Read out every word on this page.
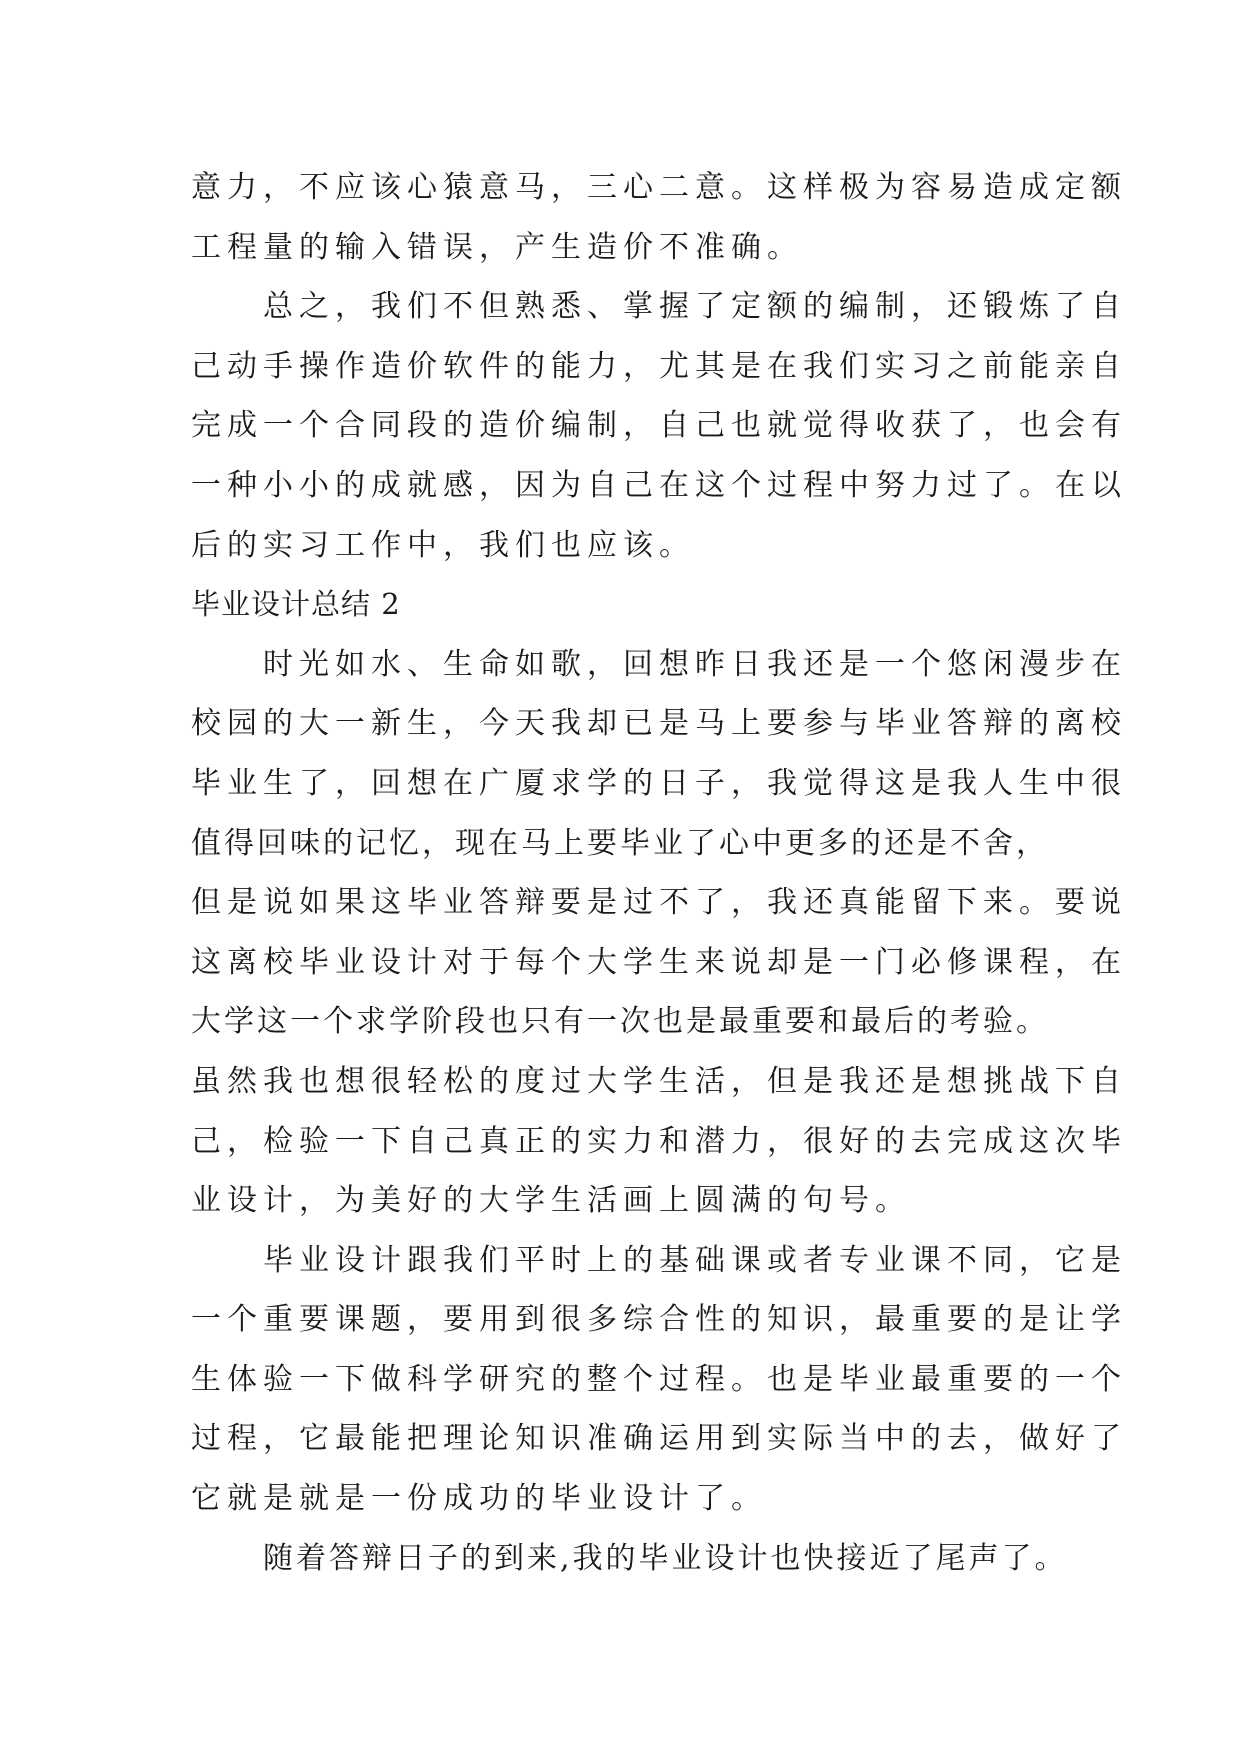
意力，不应该心猿意马，三心二意。这样极为容易造成定额
工程量的输入错误，产生造价不准确。
总之，我们不但熟悉、掌握了定额的编制，还锻炼了自
己动手操作造价软件的能力，尤其是在我们实习之前能亲自
完成一个合同段的造价编制，自己也就觉得收获了，也会有
一种小小的成就感，因为自己在这个过程中努力过了。在以
后的实习工作中，我们也应该。
毕业设计总结 2
时光如水、生命如歌，回想昨日我还是一个悠闲漫步在
校园的大一新生，今天我却已是马上要参与毕业答辩的离校
毕业生了，回想在广厦求学的日子，我觉得这是我人生中很
值得回味的记忆，现在马上要毕业了心中更多的还是不舍，
但是说如果这毕业答辩要是过不了，我还真能留下来。要说
这离校毕业设计对于每个大学生来说却是一门必修课程，在
大学这一个求学阶段也只有一次也是最重要和最后的考验。
虽然我也想很轻松的度过大学生活，但是我还是想挑战下自
己，检验一下自己真正的实力和潜力，很好的去完成这次毕
业设计，为美好的大学生活画上圆满的句号。
毕业设计跟我们平时上的基础课或者专业课不同，它是
一个重要课题，要用到很多综合性的知识，最重要的是让学
生体验一下做科学研究的整个过程。也是毕业最重要的一个
过程，它最能把理论知识准确运用到实际当中的去，做好了
它就是就是一份成功的毕业设计了。
随着答辩日子的到来,我的毕业设计也快接近了尾声了。
